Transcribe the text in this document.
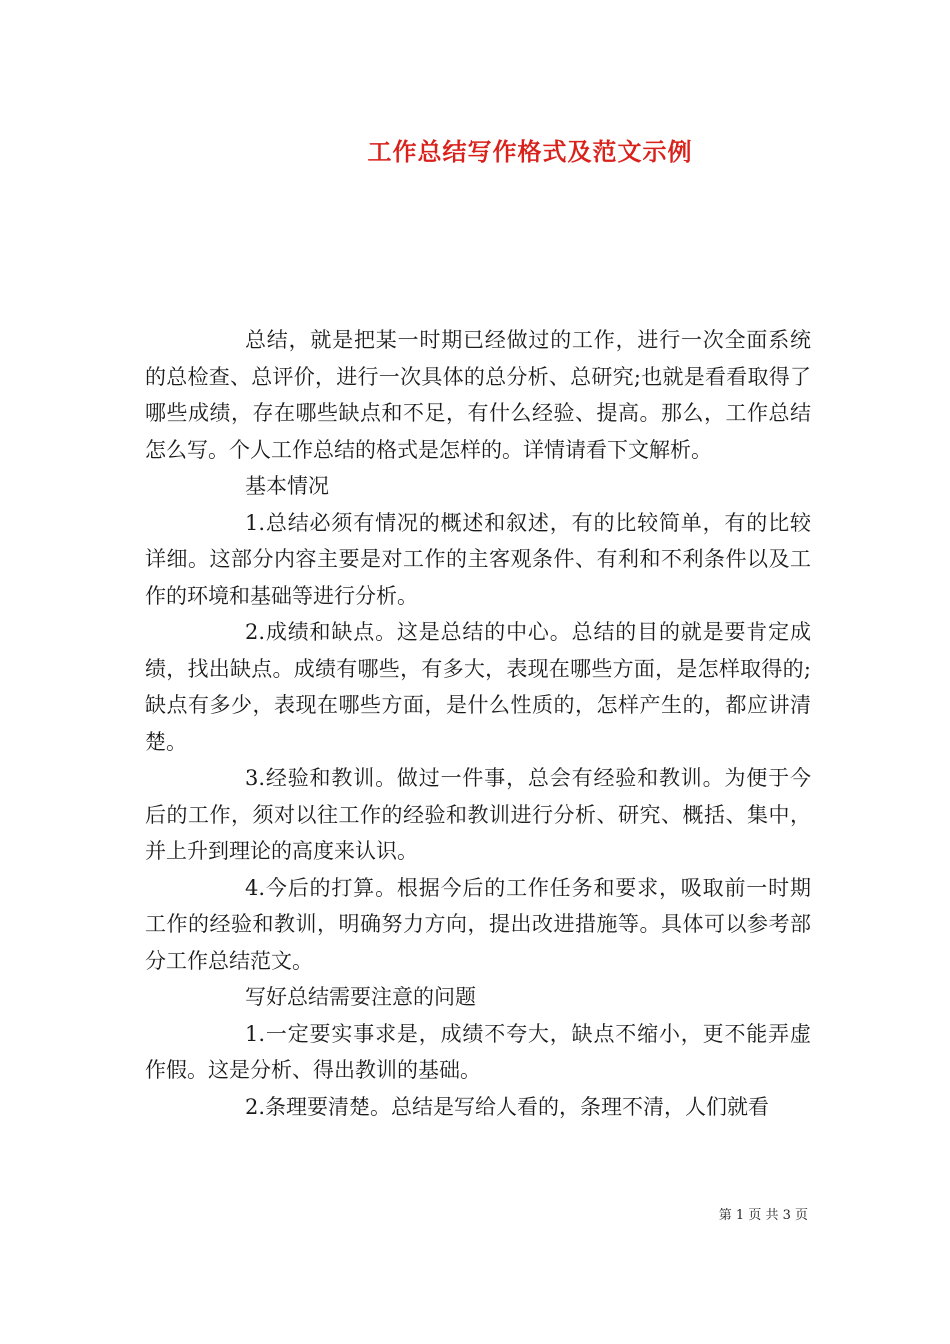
工作总结写作格式及范文示例

总结，就是把某一时期已经做过的工作，进行一次全面系统的总检查、总评价，进行一次具体的总分析、总研究;也就是看看取得了哪些成绩，存在哪些缺点和不足，有什么经验、提高。那么，工作总结怎么写。个人工作总结的格式是怎样的。详情请看下文解析。

基本情况

1.总结必须有情况的概述和叙述，有的比较简单，有的比较详细。这部分内容主要是对工作的主客观条件、有利和不利条件以及工作的环境和基础等进行分析。

2.成绩和缺点。这是总结的中心。总结的目的就是要肯定成绩，找出缺点。成绩有哪些，有多大，表现在哪些方面，是怎样取得的;缺点有多少，表现在哪些方面，是什么性质的，怎样产生的，都应讲清楚。

3.经验和教训。做过一件事，总会有经验和教训。为便于今后的工作，须对以往工作的经验和教训进行分析、研究、概括、集中，并上升到理论的高度来认识。

4.今后的打算。根据今后的工作任务和要求，吸取前一时期工作的经验和教训，明确努力方向，提出改进措施等。具体可以参考部分工作总结范文。

写好总结需要注意的问题

1.一定要实事求是，成绩不夸大，缺点不缩小，更不能弄虚作假。这是分析、得出教训的基础。

2.条理要清楚。总结是写给人看的，条理不清，人们就看

第 1 页 共 3 页
